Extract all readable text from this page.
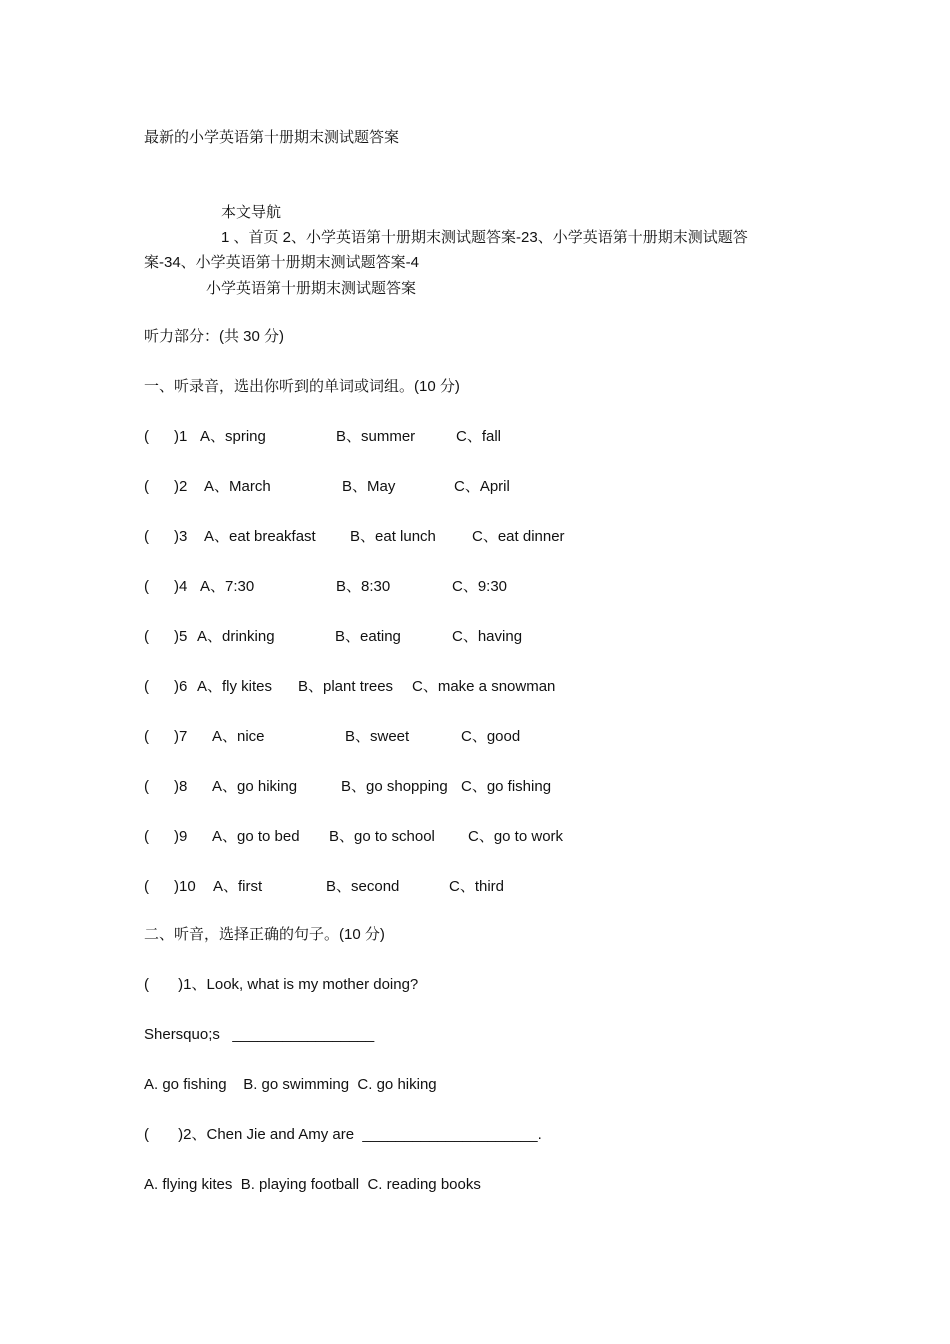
最新的小学英语第十册期末测试题答案
本文导航
1 、首页 2、小学英语第十册期末测试题答案-23、小学英语第十册期末测试题答
案-34、小学英语第十册期末测试题答案-4
小学英语第十册期末测试题答案
听力部分：(共 30 分)
一、听录音，选出你听到的单词或词组。(10 分)
( )1 A、spring	B、summer	C、fall
( )2 A、March	B、May	C、April
( )3 A、eat breakfast B、eat lunch C、eat dinner
( )4 A、7:30	B、8:30	C、9:30
( )5 A、drinking	B、eating	C、having
( )6 A、fly kites B、plant trees C、make a snowman
( )7 A、nice	B、sweet	C、good
( )8 A、go hiking	B、go shopping C、go fishing
( )9 A、go to bed B、go to school C、go to work
( )10 A、first	B、second	C、third
二、听音，选择正确的句子。(10 分)
(       )1、Look, what is my mother doing?
Shersquo;s   _________________
A. go fishing    B. go swimming  C. go hiking
(       )2、Chen Jie and Amy are  _____________________.
A. flying kites  B. playing football  C. reading books
